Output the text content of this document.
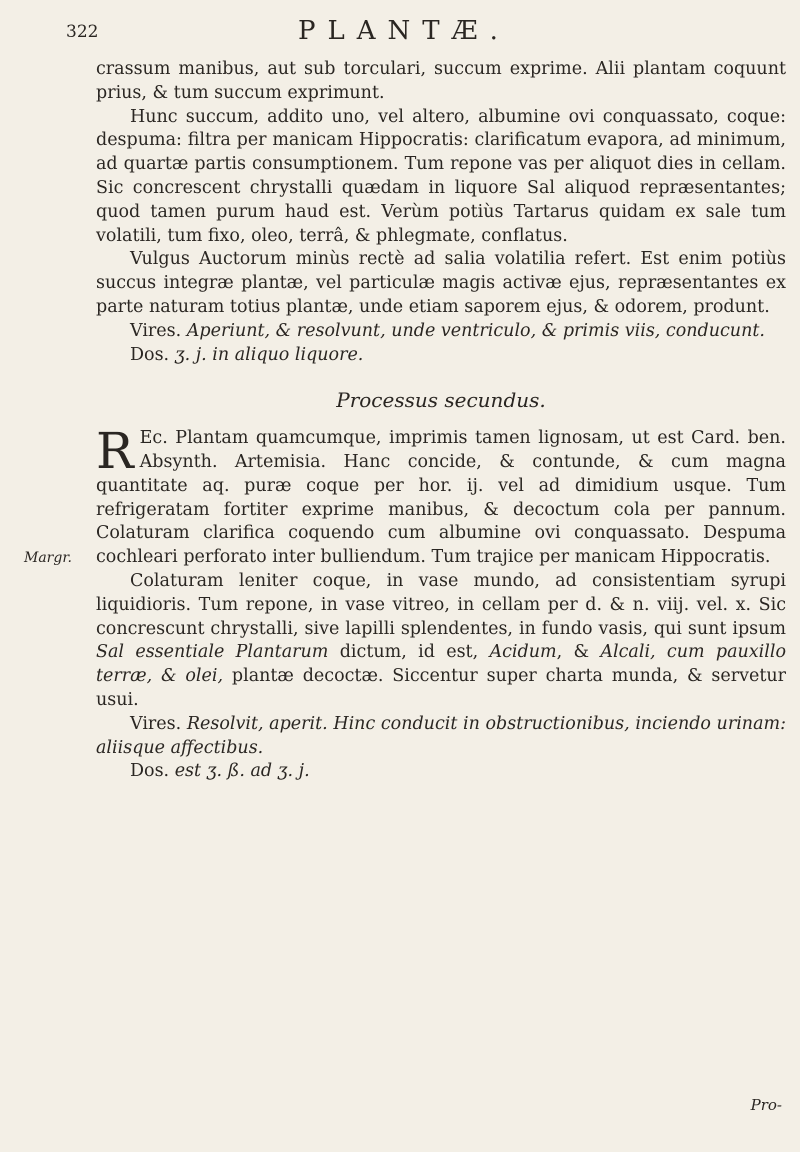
322	PLANTÆ.
Margr.

crassum manibus, aut sub torculari, succum exprime. Alii plantam coquunt prius, & tum succum exprimunt.

Hunc succum, addito uno, vel altero, albumine ovi conquassato, coque: despuma: filtra per manicam Hippocratis: clarificatum evapora, ad minimum, ad quartæ partis consumptionem. Tum repone vas per aliquot dies in cellam. Sic concrescent chrystalli quædam in liquore Sal aliquod repræsentantes; quod tamen purum haud est. Verùm potiùs Tartarus quidam ex sale tum volatili, tum fixo, oleo, terrâ, & phlegmate, conflatus.

Vulgus Auctorum minùs rectè ad salia volatilia refert. Est enim potiùs succus integræ plantæ, vel particulæ magis activæ ejus, repræsentantes ex parte naturam totius plantæ, unde etiam saporem ejus, & odorem, produnt.

Vires. Aperiunt, & resolvunt, unde ventriculo, & primis viis, conducunt.

Dos. ʒ. j. in aliquo liquore.

Processus secundus.

R Ec. Plantam quamcumque, imprimis tamen lignosam, ut est Card. ben. Absynth. Artemisia. Hanc concide, & contunde, & cum magna quantitate aq. puræ coque per hor. ij. vel ad dimidium usque. Tum refrigeratam fortiter exprime manibus, & decoctum cola per pannum. Colaturam clarifica coquendo cum albumine ovi conquassato. Despuma cochleari perforato inter bulliendum. Tum trajice per manicam Hippocratis.

Colaturam leniter coque, in vase mundo, ad consistentiam syrupi liquidioris. Tum repone, in vase vitreo, in cellam per d. & n. viij. vel. x. Sic concrescunt chrystalli, sive lapilli splendentes, in fundo vasis, qui sunt ipsum Sal essentiale Plantarum dictum, id est, Acidum, & Alcali, cum pauxillo terræ, & olei, plantæ decoctæ. Siccentur super charta munda, & servetur usui.

Vires. Resolvit, aperit. Hinc conducit in obstructionibus, inciendo urinam: aliisque affectibus.

Dos. est ʒ. ß. ad ʒ. j.

Pro-
